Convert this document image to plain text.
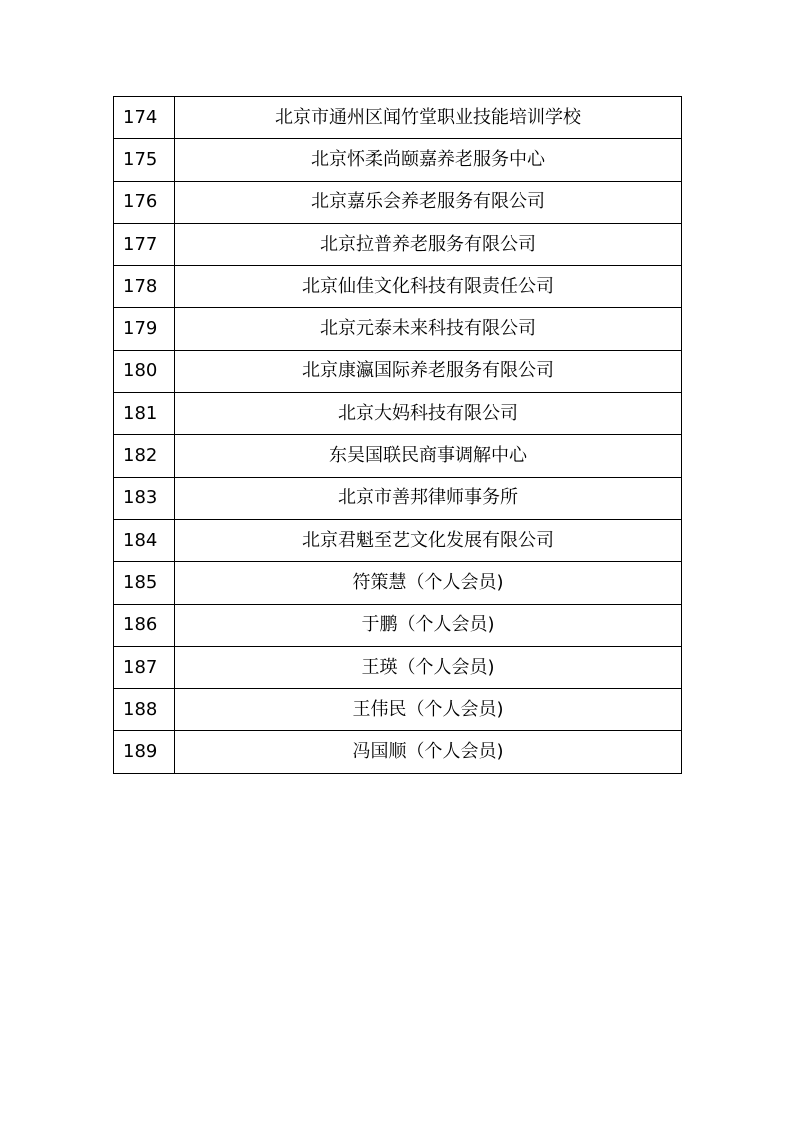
174	北京市通州区闻竹堂职业技能培训学校
175	北京怀柔尚颐嘉养老服务中心
176	北京嘉乐会养老服务有限公司
177	北京拉普养老服务有限公司
178	北京仙佳文化科技有限责任公司
179	北京元泰未来科技有限公司
180	北京康瀛国际养老服务有限公司
181	北京大妈科技有限公司
182	东吴国联民商事调解中心
183	北京市善邦律师事务所
184	北京君魁至艺文化发展有限公司
185	符策慧（个人会员)
186	于鹏（个人会员)
187	王瑛（个人会员)
188	王伟民（个人会员)
189	冯国顺（个人会员)
